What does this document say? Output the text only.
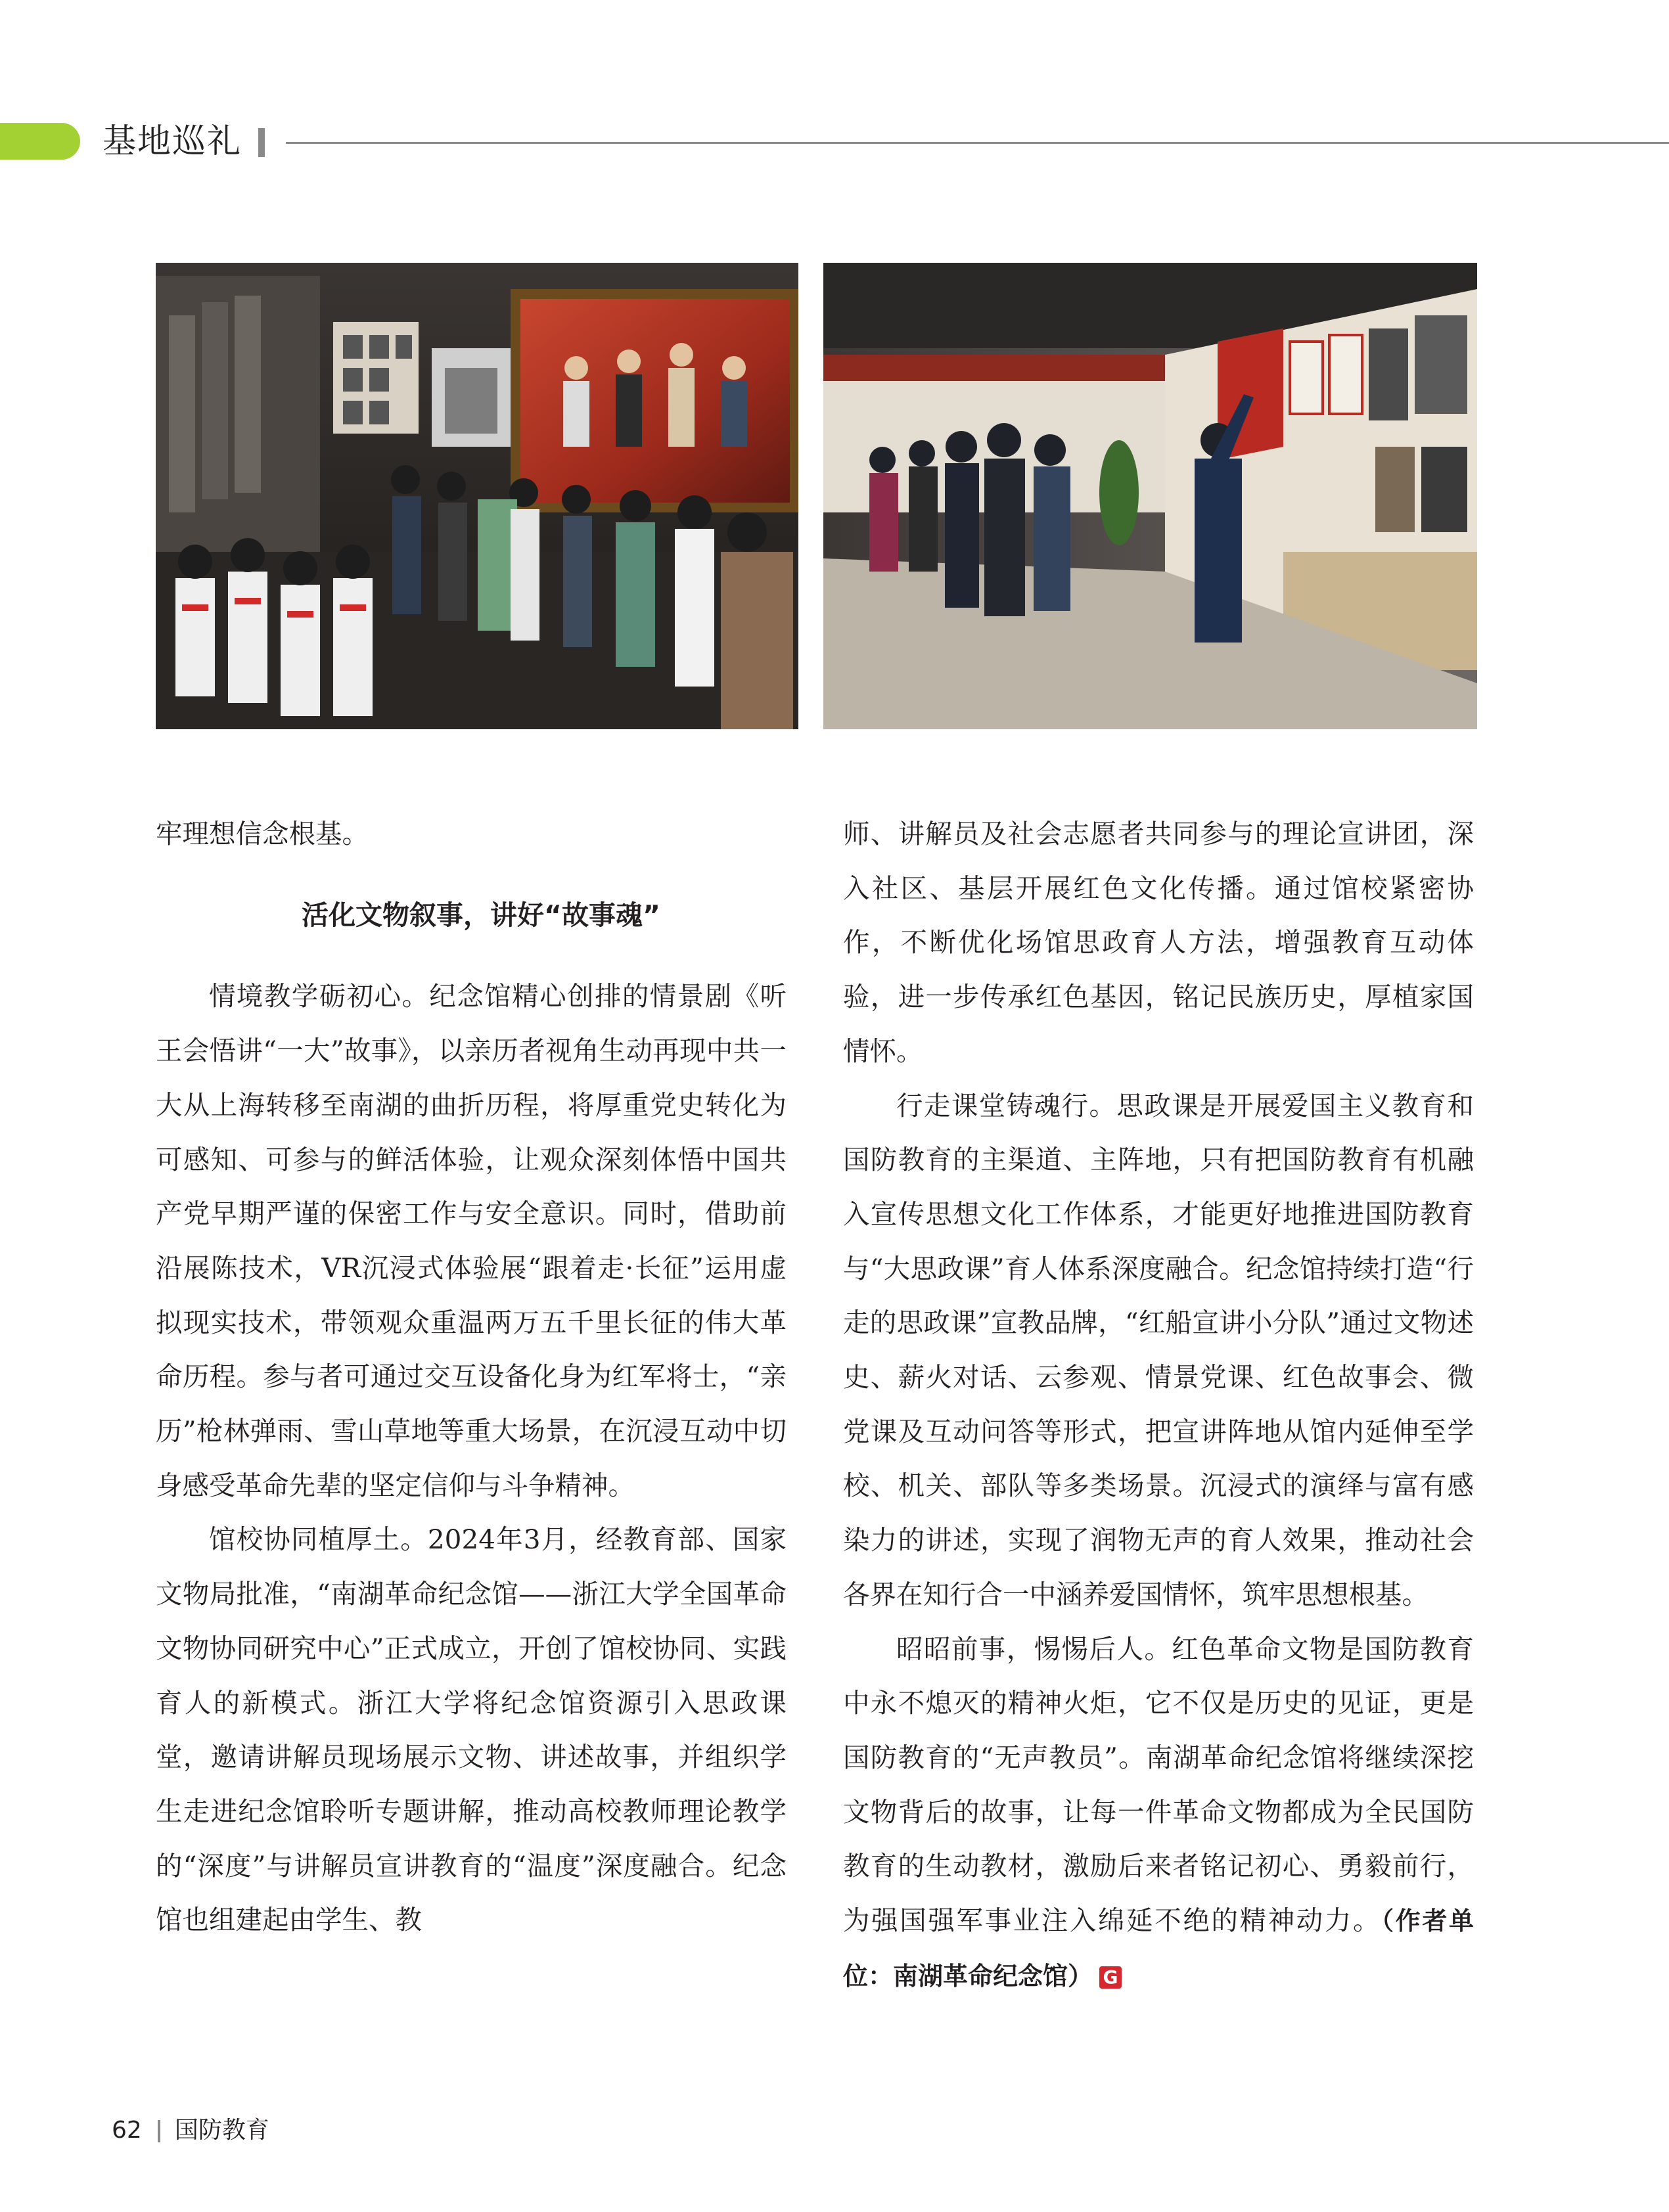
基地巡礼

牢理想信念根基。

活化文物叙事，讲好“故事魂”

情境教学砺初心。纪念馆精心创排的情景剧《听王会悟讲“一大”故事》，以亲历者视角生动再现中共一大从上海转移至南湖的曲折历程，将厚重党史转化为可感知、可参与的鲜活体验，让观众深刻体悟中国共产党早期严谨的保密工作与安全意识。同时，借助前沿展陈技术，VR沉浸式体验展“跟着走·长征”运用虚拟现实技术，带领观众重温两万五千里长征的伟大革命历程。参与者可通过交互设备化身为红军将士，“亲历”枪林弹雨、雪山草地等重大场景，在沉浸互动中切身感受革命先辈的坚定信仰与斗争精神。

馆校协同植厚土。2024年3月，经教育部、国家文物局批准，“南湖革命纪念馆——浙江大学全国革命文物协同研究中心”正式成立，开创了馆校协同、实践育人的新模式。浙江大学将纪念馆资源引入思政课堂，邀请讲解员现场展示文物、讲述故事，并组织学生走进纪念馆聆听专题讲解，推动高校教师理论教学的“深度”与讲解员宣讲教育的“温度”深度融合。纪念馆也组建起由学生、教

师、讲解员及社会志愿者共同参与的理论宣讲团，深入社区、基层开展红色文化传播。通过馆校紧密协作，不断优化场馆思政育人方法，增强教育互动体验，进一步传承红色基因，铭记民族历史，厚植家国情怀。

行走课堂铸魂行。思政课是开展爱国主义教育和国防教育的主渠道、主阵地，只有把国防教育有机融入宣传思想文化工作体系，才能更好地推进国防教育与“大思政课”育人体系深度融合。纪念馆持续打造“行走的思政课”宣教品牌，“红船宣讲小分队”通过文物述史、薪火对话、云参观、情景党课、红色故事会、微党课及互动问答等形式，把宣讲阵地从馆内延伸至学校、机关、部队等多类场景。沉浸式的演绎与富有感染力的讲述，实现了润物无声的育人效果，推动社会各界在知行合一中涵养爱国情怀，筑牢思想根基。

昭昭前事，惕惕后人。红色革命文物是国防教育中永不熄灭的精神火炬，它不仅是历史的见证，更是国防教育的“无声教员”。南湖革命纪念馆将继续深挖文物背后的故事，让每一件革命文物都成为全民国防教育的生动教材，激励后来者铭记初心、勇毅前行，为强国强军事业注入绵延不绝的精神动力。（作者单位：南湖革命纪念馆） G

62 国防教育
